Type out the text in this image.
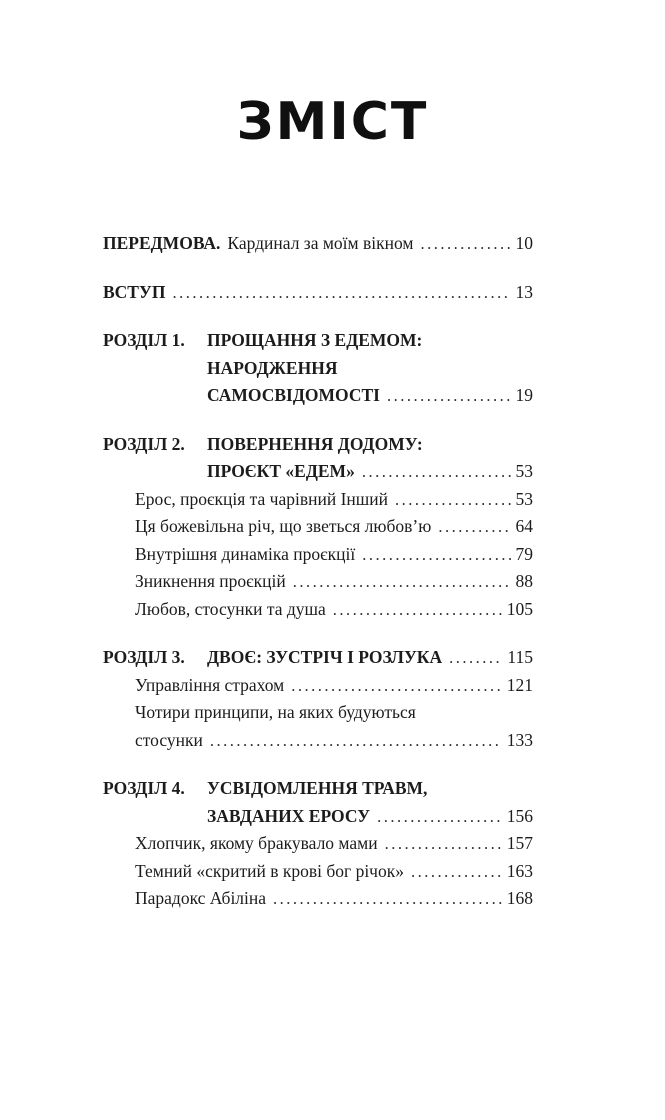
ЗМІСТ
ПЕРЕДМОВА. Кардинал за моїм вікном .....	10
ВСТУП .....	13
РОЗДІЛ 1.	ПРОЩАННЯ З ЕДЕМОМ:
НАРОДЖЕННЯ
САМОСВІДОМОСТІ .....	19
РОЗДІЛ 2.	ПОВЕРНЕННЯ ДОДОМУ:
ПРОЄКТ «ЕДЕМ» .....	53
Ерос, проєкція та чарівний Інший .....	53
Ця божевільна річ, що зветься любов’ю .....	64
Внутрішня динаміка проєкції .....	79
Зникнення проєкцій .....	88
Любов, стосунки та душа .....	105
РОЗДІЛ 3.	ДВОЄ: ЗУСТРІЧ І РОЗЛУКА .....	115
Управління страхом .....	121
Чотири принципи, на яких будуються
стосунки .....	133
РОЗДІЛ 4.	УСВІДОМЛЕННЯ ТРАВМ,
ЗАВДАНИХ ЕРОСУ .....	156
Хлопчик, якому бракувало мами .....	157
Темний «скритий в крові бог річок» .....	163
Парадокс Абіліна .....	168
